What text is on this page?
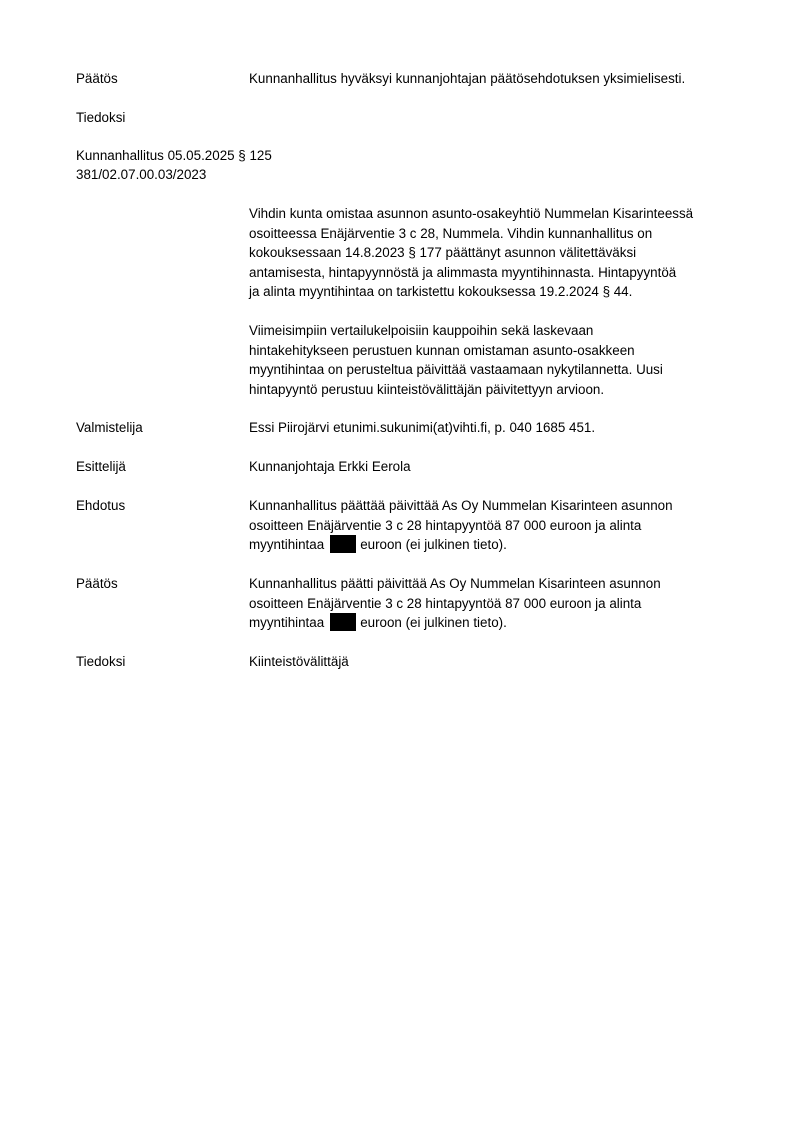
Päätös	Kunnanhallitus hyväksyi kunnanjohtajan päätösehdotuksen yksimielisesti.
Tiedoksi
Kunnanhallitus 05.05.2025 § 125
381/02.07.00.03/2023
Vihdin kunta omistaa asunnon asunto-osakeyhtiö Nummelan Kisarinteessä
osoitteessa Enäjärventie 3 c 28, Nummela. Vihdin kunnanhallitus on
kokouksessaan 14.8.2023 § 177 päättänyt asunnon välitettäväksi
antamisesta, hintapyynnöstä ja alimmasta myyntihinnasta. Hintapyyntöä
ja alinta myyntihintaa on tarkistettu kokouksessa 19.2.2024 § 44.
Viimeisimpiin vertailukelpoisiin kauppoihin sekä laskevaan
hintakehitykseen perustuen kunnan omistaman asunto-osakkeen
myyntihintaa on perusteltua päivittää vastaamaan nykytilannetta. Uusi
hintapyyntö perustuu kiinteistövälittäjän päivitettyyn arvioon.
Valmistelija	Essi Piirojärvi etunimi.sukunimi(at)vihti.fi, p. 040 1685 451.
Esittelijä	Kunnanjohtaja Erkki Eerola
Ehdotus	Kunnanhallitus päättää päivittää As Oy Nummelan Kisarinteen asunnon
osoitteen Enäjärventie 3 c 28 hintapyyntöä 87 000 euroon ja alinta
myyntihintaa	euroon (ei julkinen tieto).
Päätös	Kunnanhallitus päätti päivittää As Oy Nummelan Kisarinteen asunnon
osoitteen Enäjärventie 3 c 28 hintapyyntöä 87 000 euroon ja alinta
myyntihintaa	euroon (ei julkinen tieto).
Tiedoksi	Kiinteistövälittäjä
